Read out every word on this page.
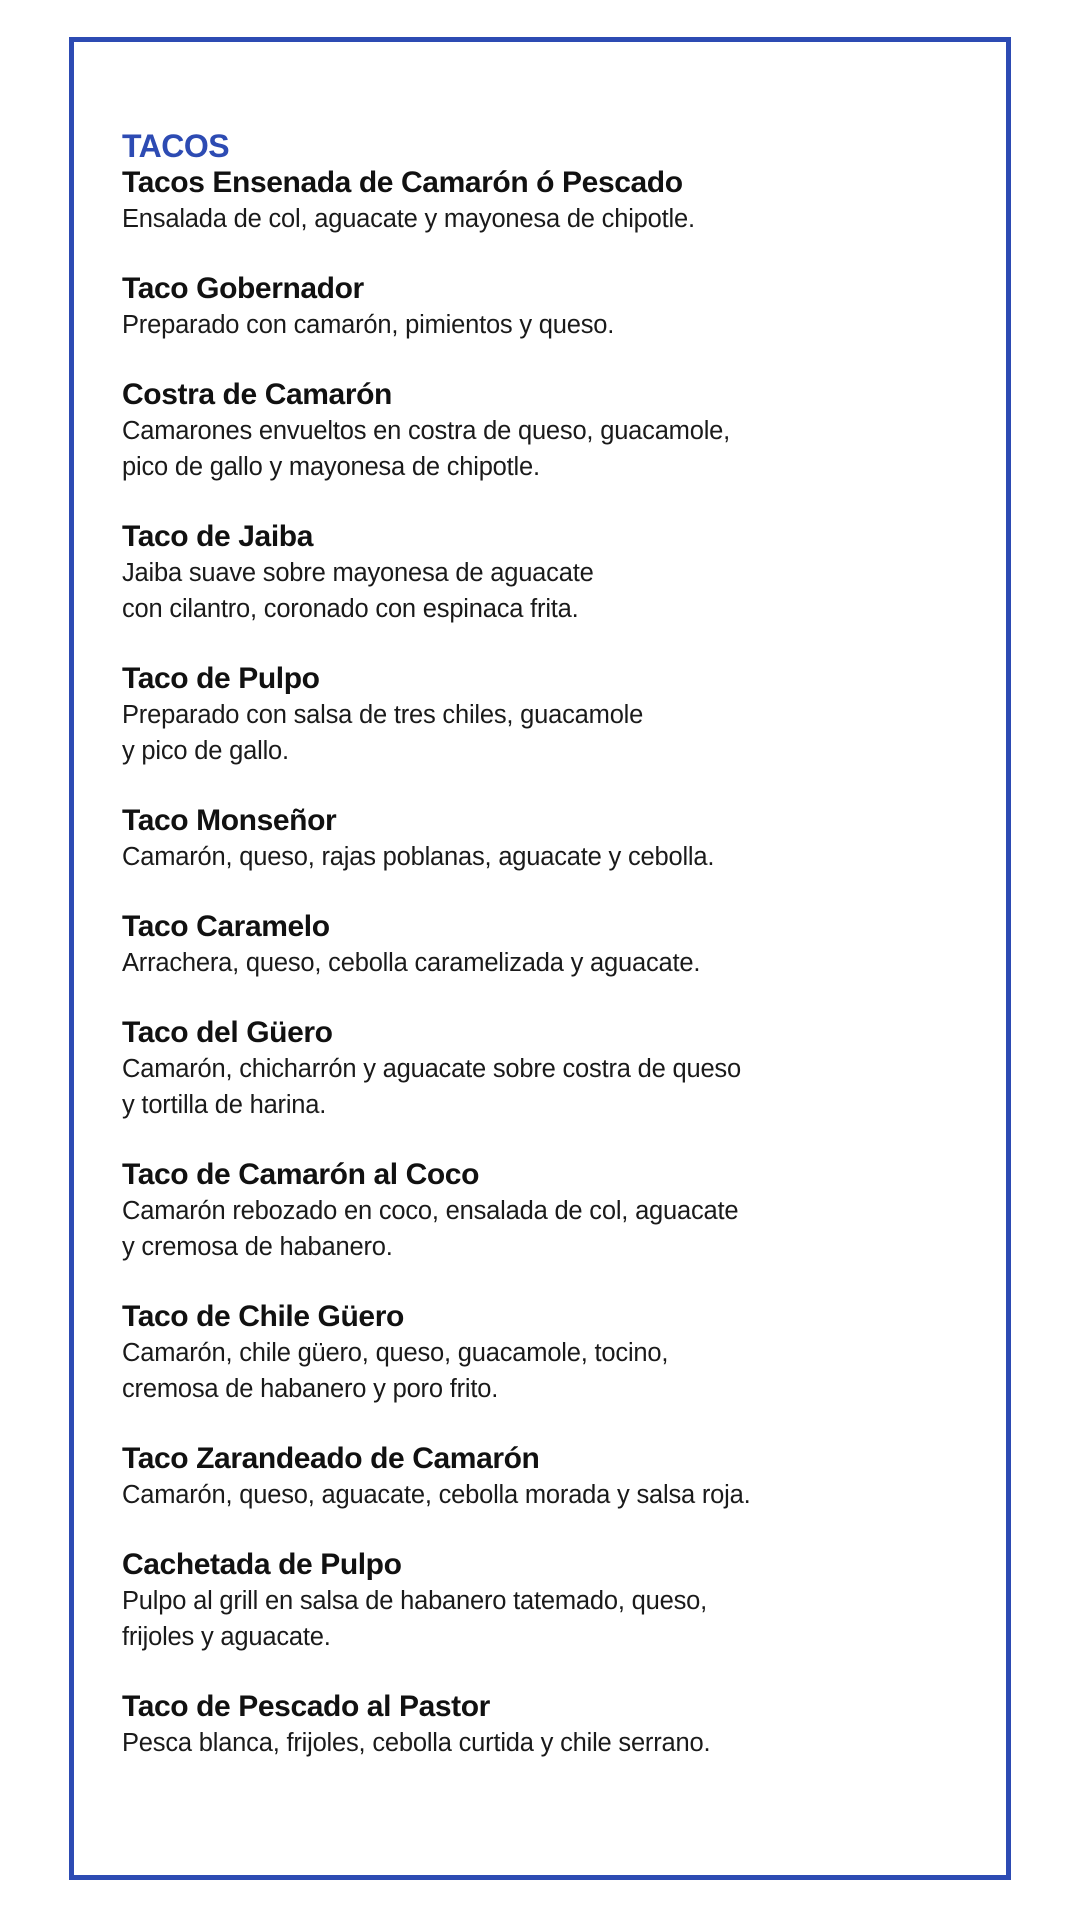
TACOS
Tacos Ensenada de Camarón ó Pescado
Ensalada de col, aguacate y mayonesa de chipotle.
Taco Gobernador
Preparado con camarón, pimientos y queso.
Costra de Camarón
Camarones envueltos en costra de queso, guacamole,
pico de gallo y mayonesa de chipotle.
Taco de Jaiba
Jaiba suave sobre mayonesa de aguacate
con cilantro, coronado con espinaca frita.
Taco de Pulpo
Preparado con salsa de tres chiles, guacamole
y pico de gallo.
Taco Monseñor
Camarón, queso, rajas poblanas, aguacate y cebolla.
Taco Caramelo
Arrachera, queso, cebolla caramelizada y aguacate.
Taco del Güero
Camarón, chicharrón y aguacate sobre costra de queso
y tortilla de harina.
Taco de Camarón al Coco
Camarón rebozado en coco, ensalada de col, aguacate
y cremosa de habanero.
Taco de Chile Güero
Camarón, chile güero, queso, guacamole, tocino,
cremosa de habanero y poro frito.
Taco Zarandeado de Camarón
Camarón, queso, aguacate, cebolla morada y salsa roja.
Cachetada de Pulpo
Pulpo al grill en salsa de habanero tatemado, queso,
frijoles y aguacate.
Taco de Pescado al Pastor
Pesca blanca, frijoles, cebolla curtida y chile serrano.
